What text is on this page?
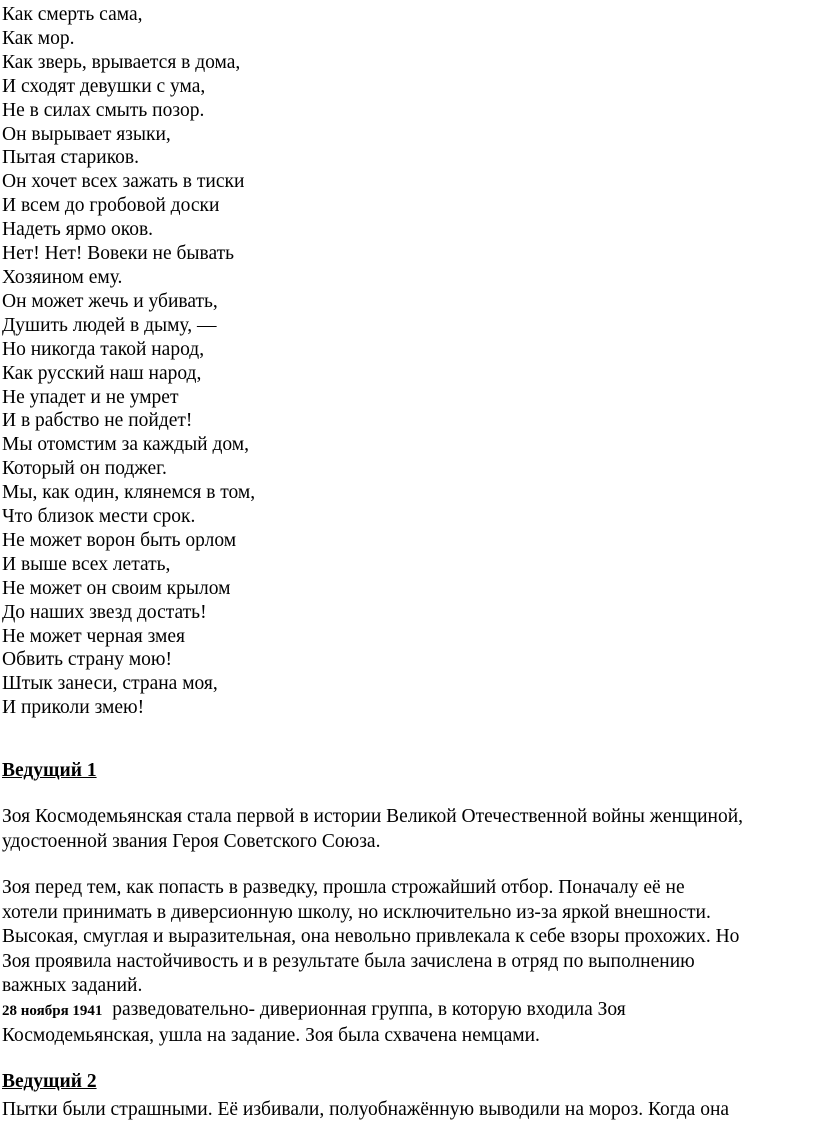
Как смерть сама,
Как мор.
Как зверь, врывается в дома,
И сходят девушки с ума,
Не в силах смыть позор.
Он вырывает языки,
Пытая стариков.
Он хочет всех зажать в тиски
И всем до гробовой доски
Надеть ярмо оков.
Нет! Нет! Вовеки не бывать
Хозяином ему.
Он может жечь и убивать,
Душить людей в дыму, —
Но никогда такой народ,
Как русский наш народ,
Не упадет и не умрет
И в рабство не пойдет!
Мы отомстим за каждый дом,
Который он поджег.
Мы, как один, клянемся в том,
Что близок мести срок.
Не может ворон быть орлом
И выше всех летать,
Не может он своим крылом
До наших звезд достать!
Не может черная змея
Обвить страну мою!
Штык занеси, страна моя,
И приколи змею!
Ведущий 1
Зоя Космодемьянская стала первой в истории Великой Отечественной войны женщиной,
удостоенной звания Героя Советского Союза.
Зоя перед тем, как попасть в разведку, прошла строжайший отбор. Поначалу её не
хотели принимать в диверсионную школу, но исключительно из-за яркой внешности.
Высокая, смуглая и выразительная, она невольно привлекала к себе взоры прохожих. Но
Зоя проявила настойчивость и в результате была зачислена в отряд по выполнению
важных заданий.
28 ноября 1941  разведовательно- диверионная группа, в которую входила Зоя
Космодемьянская, ушла на задание. Зоя была схвачена немцами.
Ведущий 2
Пытки были страшными. Её избивали, полуобнажённую выводили на мороз. Когда она
